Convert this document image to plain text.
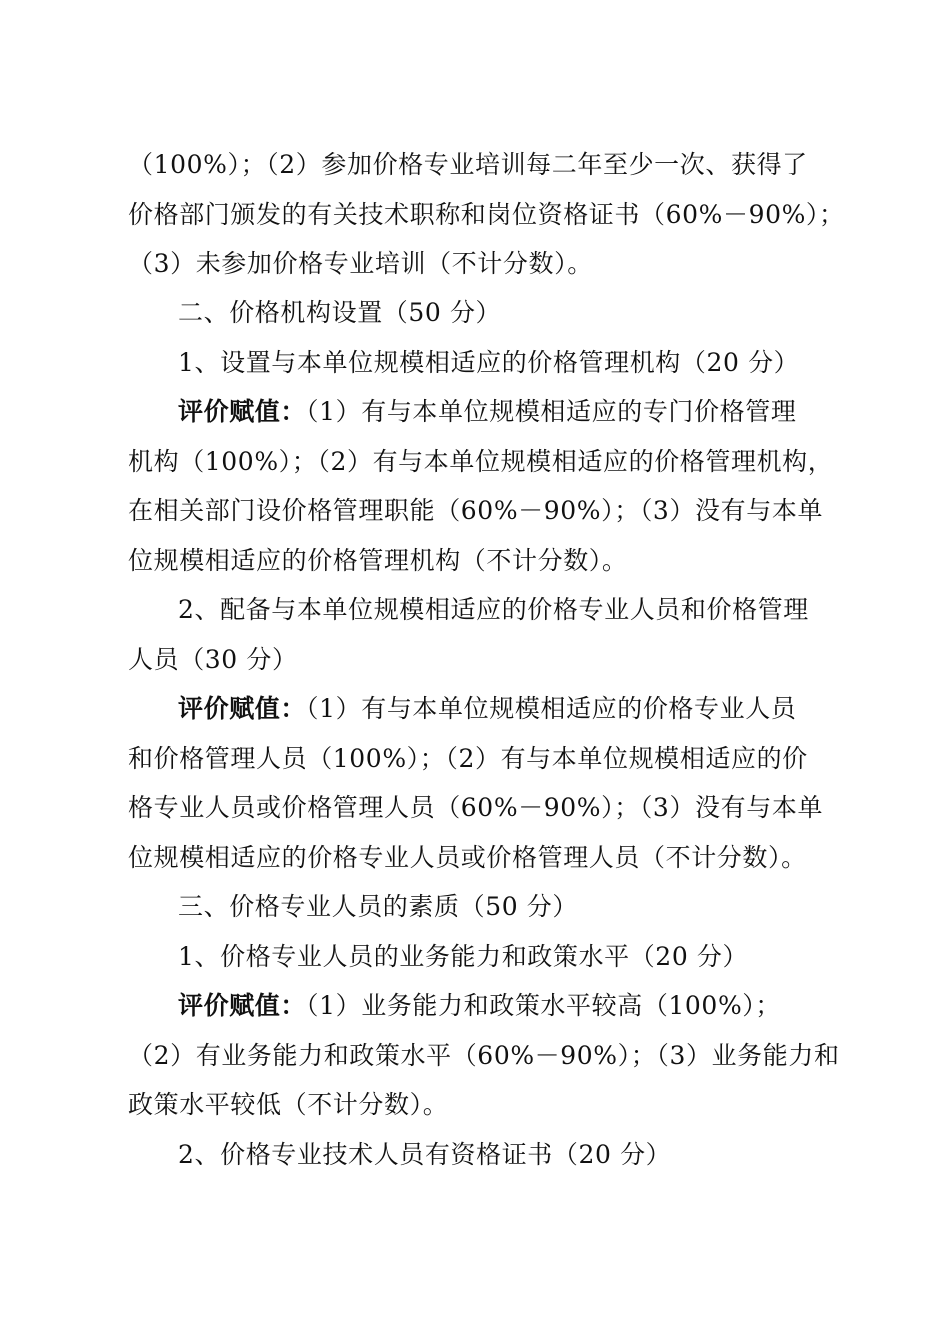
（100%）；（2）参加价格专业培训每二年至少一次、获得了
价格部门颁发的有关技术职称和岗位资格证书（60%－90%）；
（3）未参加价格专业培训（不计分数）。
二、价格机构设置（50 分）
1、设置与本单位规模相适应的价格管理机构（20 分）
评价赋值：（1）有与本单位规模相适应的专门价格管理
机构（100%）；（2）有与本单位规模相适应的价格管理机构，
在相关部门设价格管理职能（60%－90%）；（3）没有与本单
位规模相适应的价格管理机构（不计分数）。
2、配备与本单位规模相适应的价格专业人员和价格管理
人员（30 分）
评价赋值：（1）有与本单位规模相适应的价格专业人员
和价格管理人员（100%）；（2）有与本单位规模相适应的价
格专业人员或价格管理人员（60%－90%）；（3）没有与本单
位规模相适应的价格专业人员或价格管理人员（不计分数）。
三、价格专业人员的素质（50 分）
1、价格专业人员的业务能力和政策水平（20 分）
评价赋值：（1）业务能力和政策水平较高（100%）；
（2）有业务能力和政策水平（60%－90%）；（3）业务能力和
政策水平较低（不计分数）。
2、价格专业技术人员有资格证书（20 分）
